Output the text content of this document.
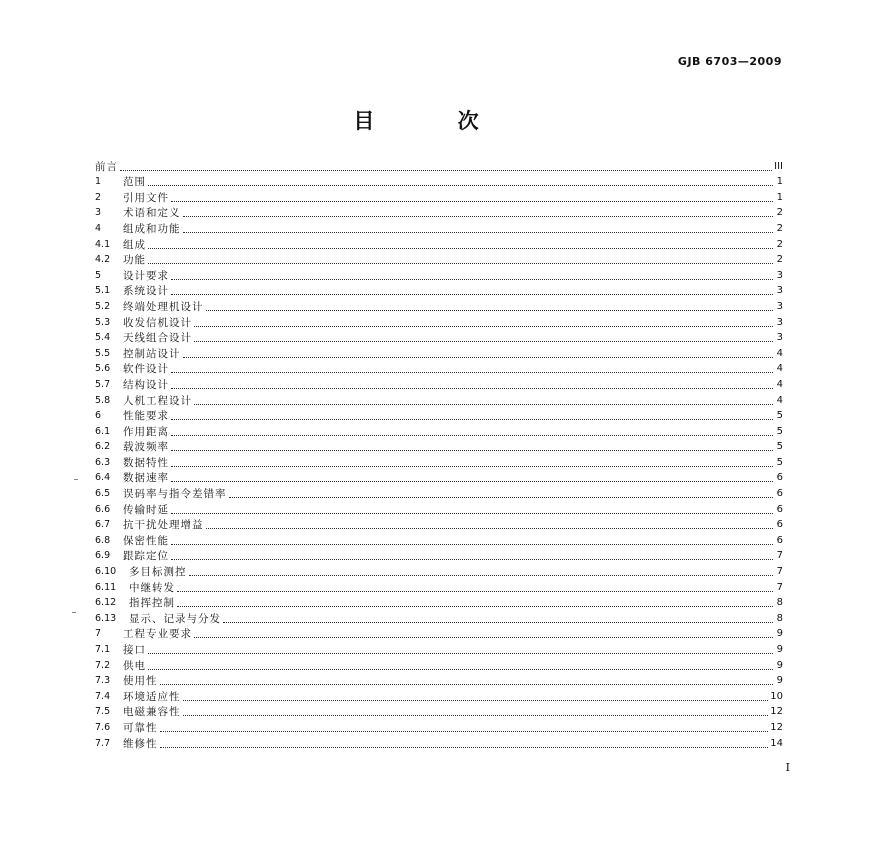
GJB 6703—2009
目 次
前言	III
1	范围	1
2	引用文件	1
3	术语和定义	2
4	组成和功能	2
4.1	组成	2
4.2	功能	2
5	设计要求	3
5.1	系统设计	3
5.2	终端处理机设计	3
5.3	收发信机设计	3
5.4	天线组合设计	3
5.5	控制站设计	4
5.6	软件设计	4
5.7	结构设计	4
5.8	人机工程设计	4
6	性能要求	5
6.1	作用距离	5
6.2	载波频率	5
6.3	数据特性	5
6.4	数据速率	6
6.5	误码率与指令差错率	6
6.6	传输时延	6
6.7	抗干扰处理增益	6
6.8	保密性能	6
6.9	跟踪定位	7
6.10	多目标测控	7
6.11	中继转发	7
6.12	指挥控制	8
6.13	显示、记录与分发	8
7	工程专业要求	9
7.1	接口	9
7.2	供电	9
7.3	使用性	9
7.4	环境适应性	10
7.5	电磁兼容性	12
7.6	可靠性	12
7.7	维修性	14
I
